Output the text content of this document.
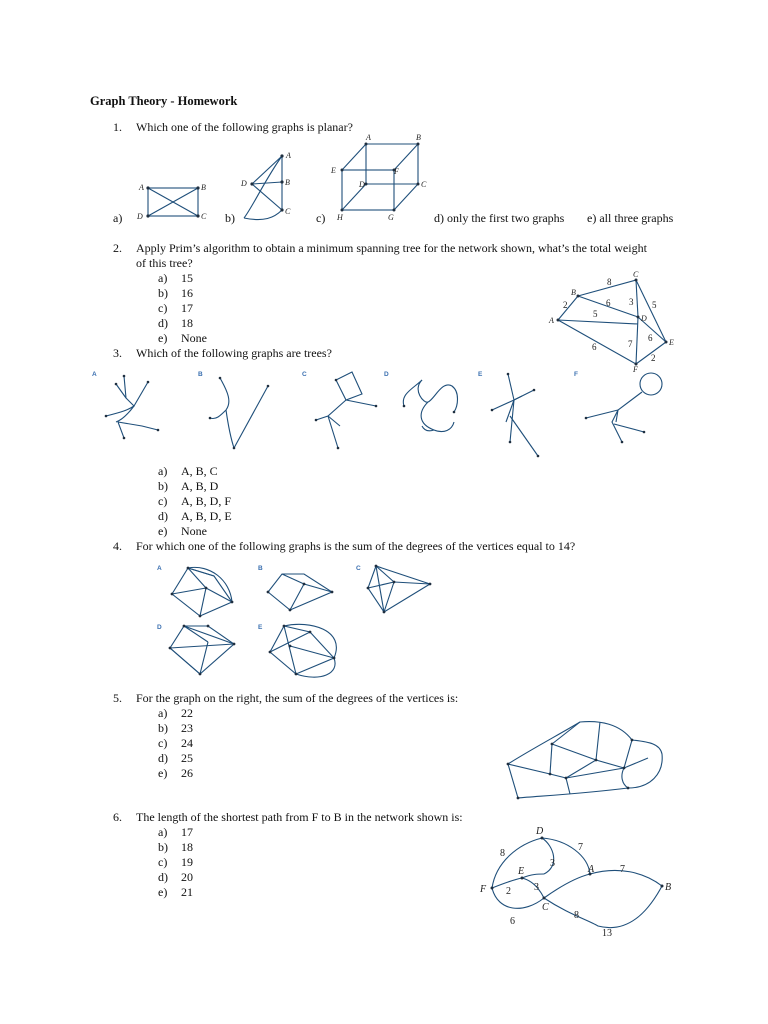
Graph Theory - Homework
1. Which one of the following graphs is planar?
a)	b)	c)	d) only the first two graphs e) all three graphs
A	B
D	C
A
D	B
C
A	B
E	F
D	C
H	G
2. Apply Prim’s algorithm to obtain a minimum spanning tree for the network shown, what’s the total weight
of this tree?
a) 15
b) 16
c) 17
d) 18
e) None
C
B
A	D
E
F
8
2	6 3 5
5
6
6
7
2
3. Which of the following graphs are trees?
A	B	C	D	E	F
a) A, B, C
b) A, B, D
c) A, B, D, F
d) A, B, D, E
e) None
4. For which one of the following graphs is the sum of the degrees of the vertices equal to 14?
A	B	C
D	E
5. For the graph on the right, the sum of the degrees of the vertices is:
a) 22
b) 23
c) 24
d) 25
e) 26
6. The length of the shortest path from F to B in the network shown is:
a) 17
b) 18
c) 19
d) 20
e) 21
D
E
F
C
A
B
8
7
3
2 3
7
6
8
13
